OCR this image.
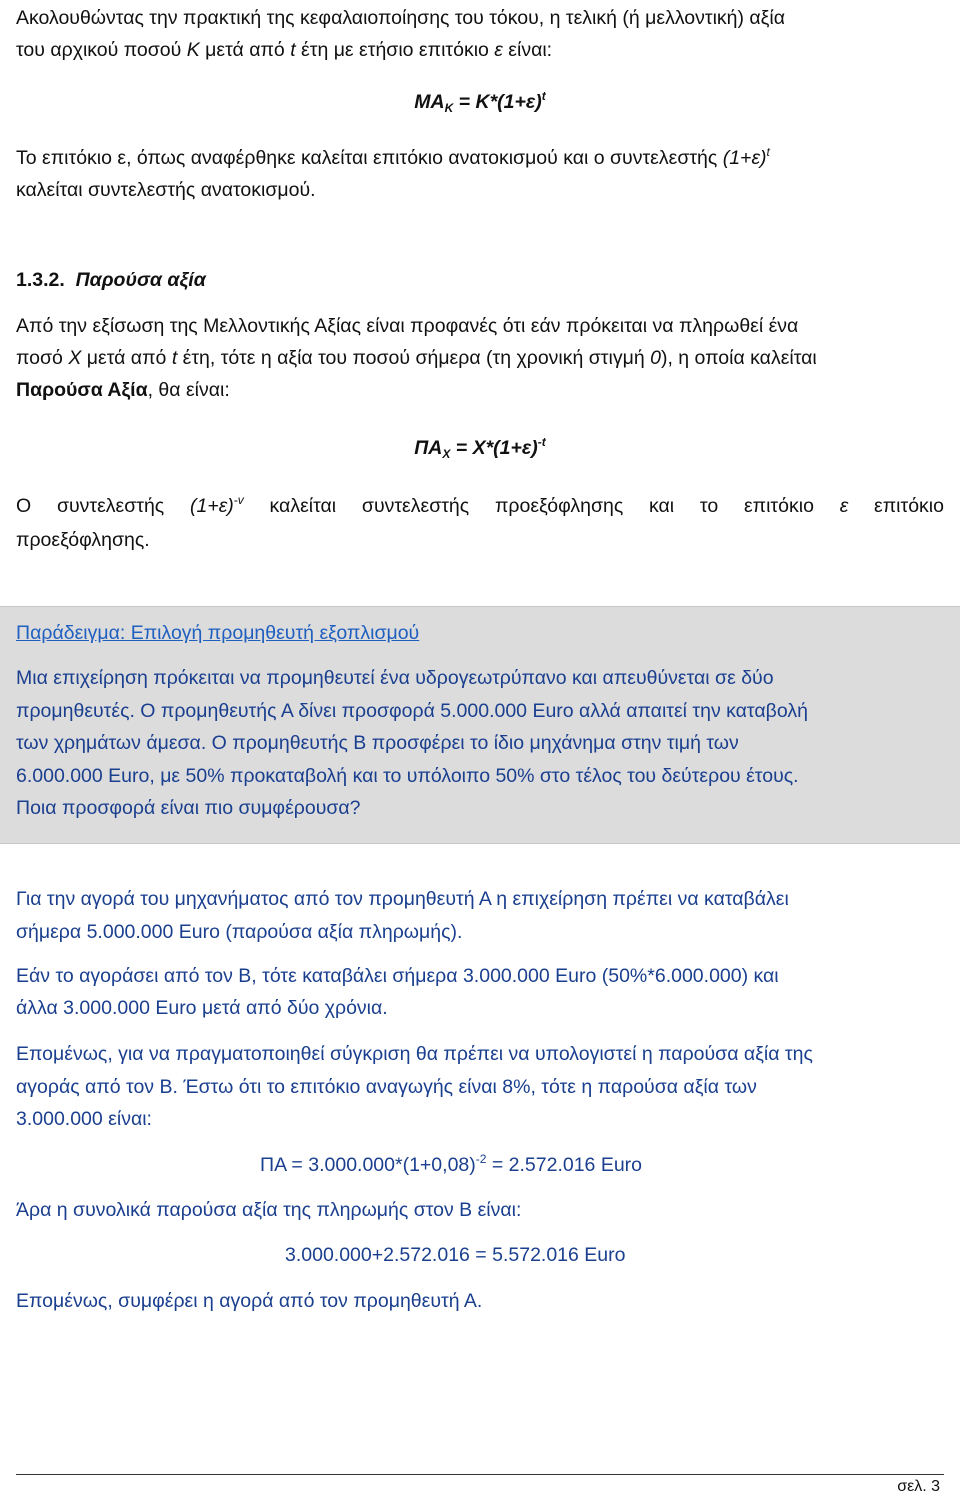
Ακολουθώντας την πρακτική της κεφαλαιοποίησης του τόκου, η τελική (ή μελλοντική) αξία
του αρχικού ποσού Κ μετά από t έτη με ετήσιο επιτόκιο ε είναι:
$MA_K = K*(1+\varepsilon)^t$
Το επιτόκιο ε, όπως αναφέρθηκε καλείται επιτόκιο ανατοκισμού και ο συντελεστής $(1+\varepsilon)^t$
καλείται συντελεστής ανατοκισμού.
1.3.2. Παρούσα αξία
Από την εξίσωση της Μελλοντικής Αξίας είναι προφανές ότι εάν πρόκειται να πληρωθεί ένα
ποσό Χ μετά από t έτη, τότε η αξία του ποσού σήμερα (τη χρονική στιγμή 0), η οποία καλείται
Παρούσα Αξία, θα είναι:
$\Pi A_X = X*(1+\varepsilon)^{-t}$
Ο συντελεστής $(1+\varepsilon)^{-v}$ καλείται συντελεστής προεξόφλησης και το επιτόκιο ε επιτόκιο
προεξόφλησης.
Παράδειγμα: Επιλογή προμηθευτή εξοπλισμού
Μια επιχείρηση πρόκειται να προμηθευτεί ένα υδρογεωτρύπανο και απευθύνεται σε δύο
προμηθευτές. Ο προμηθευτής Α δίνει προσφορά 5.000.000 Euro αλλά απαιτεί την καταβολή
των χρημάτων άμεσα. Ο προμηθευτής Β προσφέρει το ίδιο μηχάνημα στην τιμή των
6.000.000 Euro, με 50% προκαταβολή και το υπόλοιπο 50% στο τέλος του δεύτερου έτους.
Ποια προσφορά είναι πιο συμφέρουσα?
Για την αγορά του μηχανήματος από τον προμηθευτή Α η επιχείρηση πρέπει να καταβάλει
σήμερα 5.000.000 Euro (παρούσα αξία πληρωμής).
Εάν το αγοράσει από τον Β, τότε καταβάλει σήμερα 3.000.000 Euro (50%*6.000.000) και
άλλα 3.000.000 Euro μετά από δύο χρόνια.
Επομένως, για να πραγματοποιηθεί σύγκριση θα πρέπει να υπολογιστεί η παρούσα αξία της
αγοράς από τον Β. Έστω ότι το επιτόκιο αναγωγής είναι 8%, τότε η παρούσα αξία των
3.000.000 είναι:
$\Pi A = 3.000.000*(1+0,08)^{-2} = 2.572.016$ Euro
Άρα η συνολικά παρούσα αξία της πληρωμής στον Β είναι:
3.000.000+2.572.016 = 5.572.016 Euro
Επομένως, συμφέρει η αγορά από τον προμηθευτή Α.
σελ. 3
